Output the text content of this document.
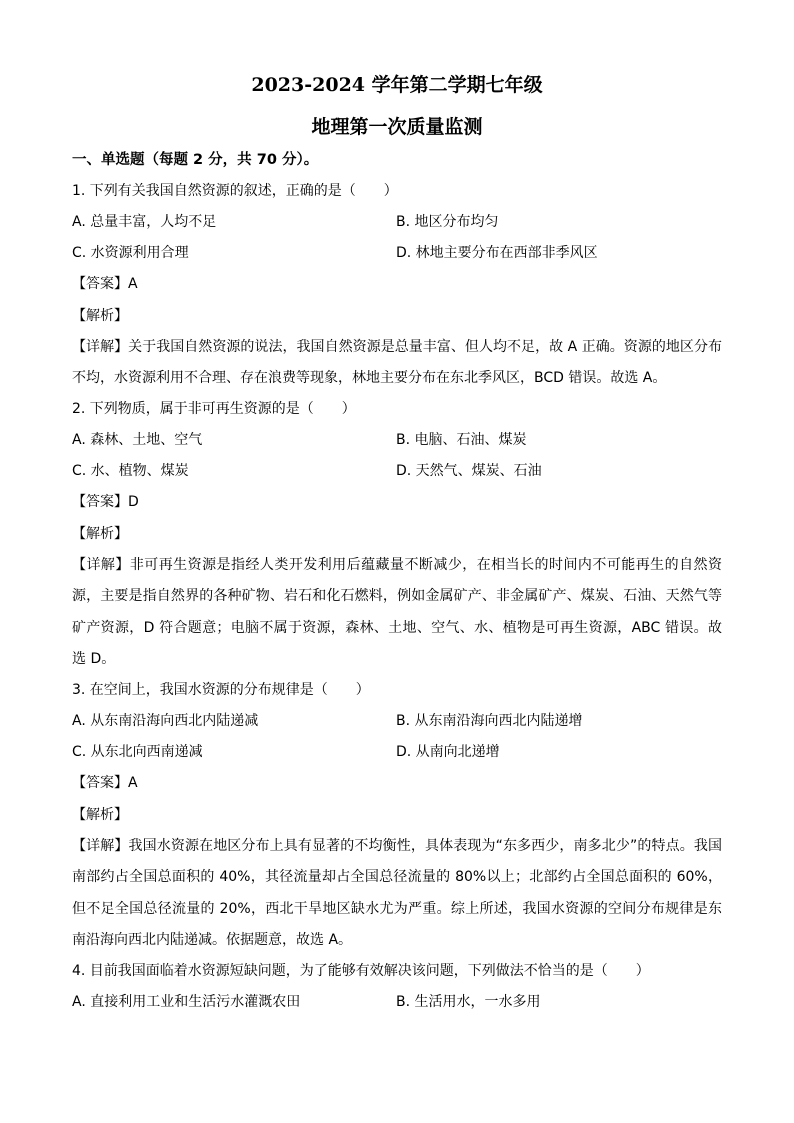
2023-2024 学年第二学期七年级
地理第一次质量监测
一、单选题（每题 2 分，共 70 分）。
1. 下列有关我国自然资源的叙述，正确的是（　　）
A. 总量丰富，人均不足	B. 地区分布均匀
C. 水资源利用合理	D. 林地主要分布在西部非季风区
【答案】A
【解析】
【详解】关于我国自然资源的说法，我国自然资源是总量丰富、但人均不足，故 A 正确。资源的地区分布不均，水资源利用不合理、存在浪费等现象，林地主要分布在东北季风区，BCD 错误。故选 A。
2. 下列物质，属于非可再生资源的是（　　）
A. 森林、土地、空气	B. 电脑、石油、煤炭
C. 水、植物、煤炭	D. 天然气、煤炭、石油
【答案】D
【解析】
【详解】非可再生资源是指经人类开发利用后蕴藏量不断减少，在相当长的时间内不可能再生的自然资源，主要是指自然界的各种矿物、岩石和化石燃料，例如金属矿产、非金属矿产、煤炭、石油、天然气等矿产资源，D 符合题意；电脑不属于资源，森林、土地、空气、水、植物是可再生资源，ABC 错误。故选 D。
3. 在空间上，我国水资源的分布规律是（　　）
A. 从东南沿海向西北内陆递减	B. 从东南沿海向西北内陆递增
C. 从东北向西南递减	D. 从南向北递增
【答案】A
【解析】
【详解】我国水资源在地区分布上具有显著的不均衡性，具体表现为“东多西少，南多北少”的特点。我国南部约占全国总面积的 40%，其径流量却占全国总径流量的 80%以上；北部约占全国总面积的 60%，但不足全国总径流量的 20%，西北干旱地区缺水尤为严重。综上所述，我国水资源的空间分布规律是东南沿海向西北内陆递减。依据题意，故选 A。
4. 目前我国面临着水资源短缺问题，为了能够有效解决该问题，下列做法不恰当的是（　　）
A. 直接利用工业和生活污水灌溉农田	B. 生活用水，一水多用
